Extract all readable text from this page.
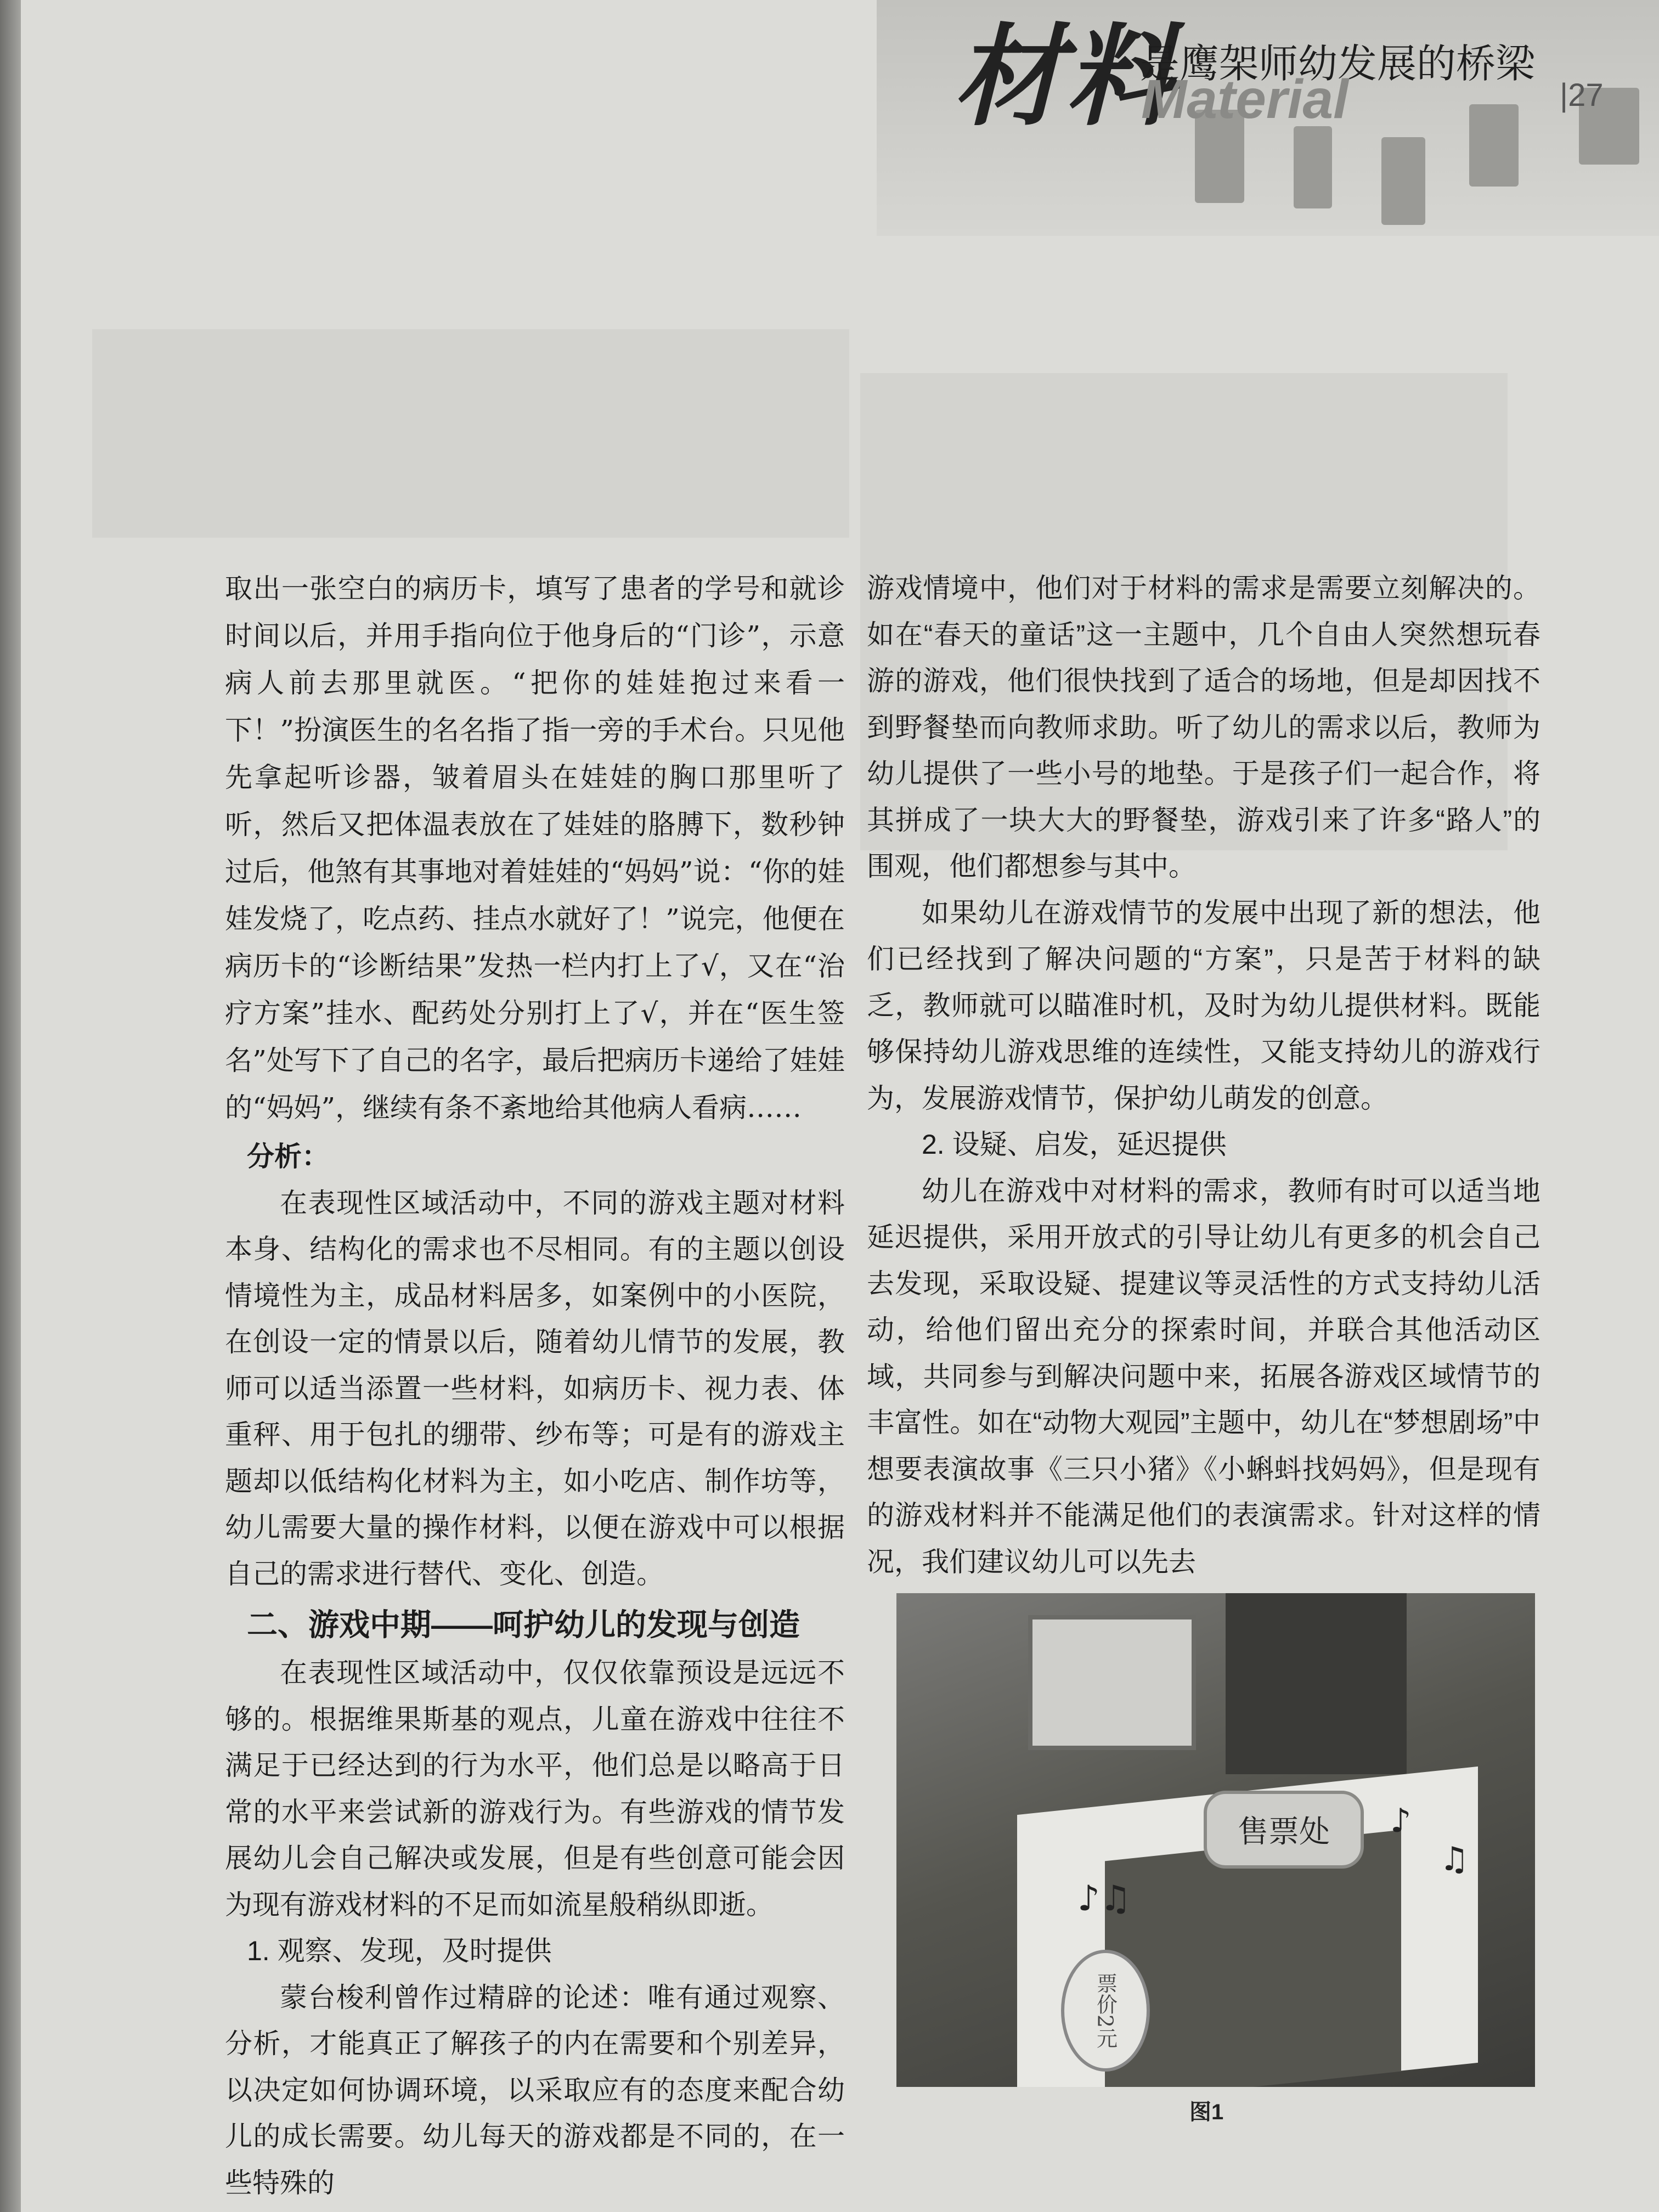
材料
是鹰架师幼发展的桥梁
Material	|27

取出一张空白的病历卡，填写了患者的学号和就诊时间以后，并用手指向位于他身后的“门诊”，示意病人前去那里就医。“把你的娃娃抱过来看一下！”扮演医生的名名指了指一旁的手术台。只见他先拿起听诊器，皱着眉头在娃娃的胸口那里听了听，然后又把体温表放在了娃娃的胳膊下，数秒钟过后，他煞有其事地对着娃娃的“妈妈”说：“你的娃娃发烧了，吃点药、挂点水就好了！”说完，他便在病历卡的“诊断结果”发热一栏内打上了√，又在“治疗方案”挂水、配药处分别打上了√，并在“医生签名”处写下了自己的名字，最后把病历卡递给了娃娃的“妈妈”，继续有条不紊地给其他病人看病……

分析：

在表现性区域活动中，不同的游戏主题对材料本身、结构化的需求也不尽相同。有的主题以创设情境性为主，成品材料居多，如案例中的小医院，在创设一定的情景以后，随着幼儿情节的发展，教师可以适当添置一些材料，如病历卡、视力表、体重秤、用于包扎的绷带、纱布等；可是有的游戏主题却以低结构化材料为主，如小吃店、制作坊等，幼儿需要大量的操作材料，以便在游戏中可以根据自己的需求进行替代、变化、创造。

二、游戏中期——呵护幼儿的发现与创造

在表现性区域活动中，仅仅依靠预设是远远不够的。根据维果斯基的观点，儿童在游戏中往往不满足于已经达到的行为水平，他们总是以略高于日常的水平来尝试新的游戏行为。有些游戏的情节发展幼儿会自己解决或发展，但是有些创意可能会因为现有游戏材料的不足而如流星般稍纵即逝。

1. 观察、发现，及时提供

蒙台梭利曾作过精辟的论述：唯有通过观察、分析，才能真正了解孩子的内在需要和个别差异，以决定如何协调环境，以采取应有的态度来配合幼儿的成长需要。幼儿每天的游戏都是不同的，在一些特殊的

游戏情境中，他们对于材料的需求是需要立刻解决的。如在“春天的童话”这一主题中，几个自由人突然想玩春游的游戏，他们很快找到了适合的场地，但是却因找不到野餐垫而向教师求助。听了幼儿的需求以后，教师为幼儿提供了一些小号的地垫。于是孩子们一起合作，将其拼成了一块大大的野餐垫，游戏引来了许多“路人”的围观，他们都想参与其中。

如果幼儿在游戏情节的发展中出现了新的想法，他们已经找到了解决问题的“方案”，只是苦于材料的缺乏，教师就可以瞄准时机，及时为幼儿提供材料。既能够保持幼儿游戏思维的连续性，又能支持幼儿的游戏行为，发展游戏情节，保护幼儿萌发的创意。

2. 设疑、启发，延迟提供

幼儿在游戏中对材料的需求，教师有时可以适当地延迟提供，采用开放式的引导让幼儿有更多的机会自己去发现，采取设疑、提建议等灵活性的方式支持幼儿活动，给他们留出充分的探索时间，并联合其他活动区域，共同参与到解决问题中来，拓展各游戏区域情节的丰富性。如在“动物大观园”主题中，幼儿在“梦想剧场”中想要表演故事《三只小猪》《小蝌蚪找妈妈》，但是现有的游戏材料并不能满足他们的表演需求。针对这样的情况，我们建议幼儿可以先去

售票处
票价2元
♪♫
♪
♫
图1
